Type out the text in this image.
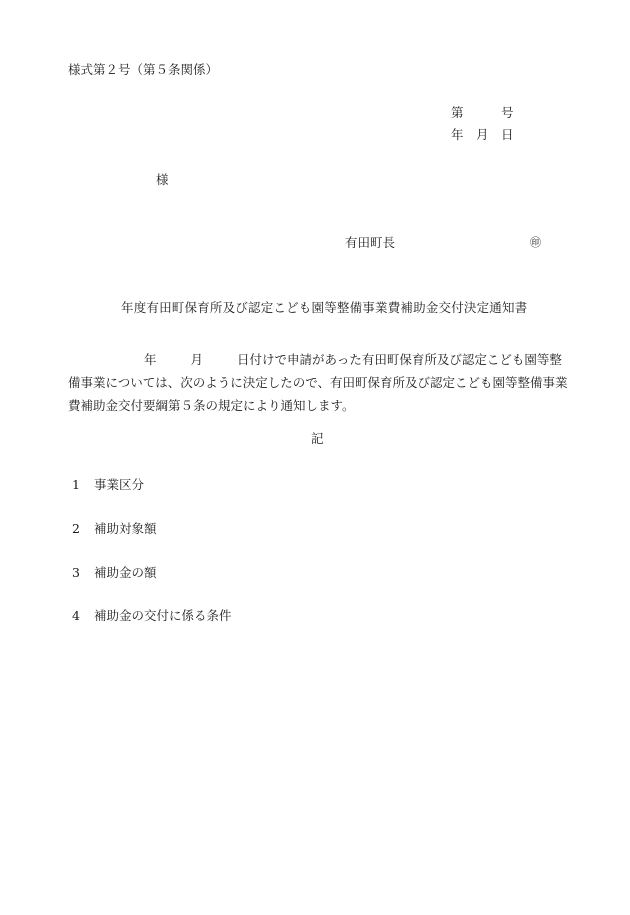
様式第２号（第５条関係）
第	号
年 月 日
様
有田町長	㊞
年度有田町保育所及び認定こども園等整備事業費補助金交付決定通知書
年	月	日付けで申請があった有田町保育所及び認定こども園等整
備事業については、次のように決定したので、有田町保育所及び認定こども園等整備事業
費補助金交付要綱第５条の規定により通知します。
記
1 事業区分
2 補助対象額
3 補助金の額
4 補助金の交付に係る条件
